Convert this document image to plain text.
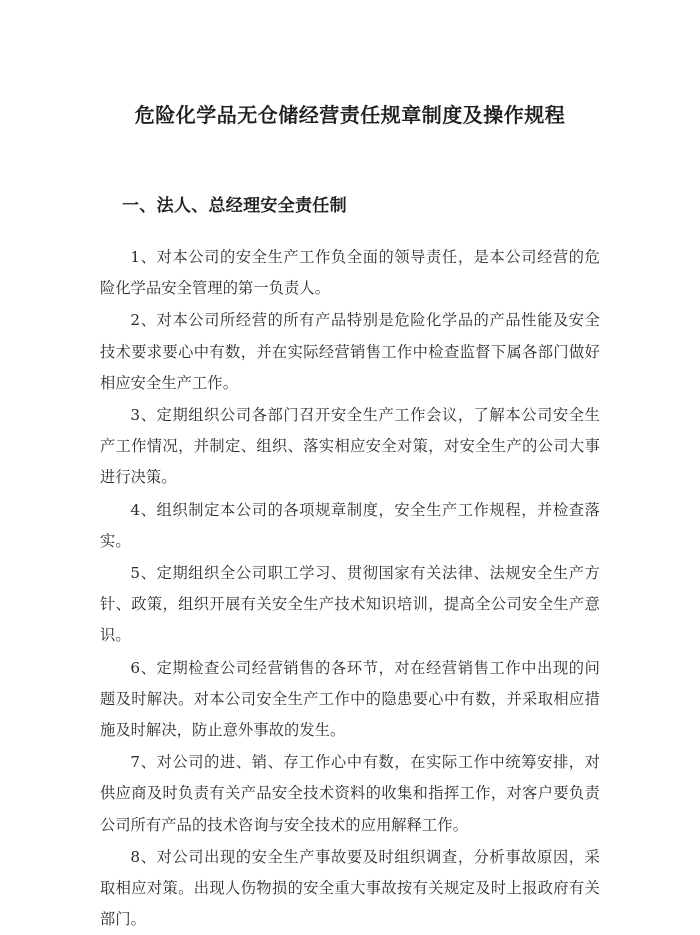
危险化学品无仓储经营责任规章制度及操作规程
一、法人、总经理安全责任制

1、对本公司的安全生产工作负全面的领导责任，是本公司经营的危险化学品安全管理的第一负责人。

2、对本公司所经营的所有产品特别是危险化学品的产品性能及安全技术要求要心中有数，并在实际经营销售工作中检查监督下属各部门做好相应安全生产工作。

3、定期组织公司各部门召开安全生产工作会议，了解本公司安全生产工作情况，并制定、组织、落实相应安全对策，对安全生产的公司大事进行决策。

4、组织制定本公司的各项规章制度，安全生产工作规程，并检查落实。

5、定期组织全公司职工学习、贯彻国家有关法律、法规安全生产方针、政策，组织开展有关安全生产技术知识培训，提高全公司安全生产意识。

6、定期检查公司经营销售的各环节，对在经营销售工作中出现的问题及时解决。对本公司安全生产工作中的隐患要心中有数，并采取相应措施及时解决，防止意外事故的发生。

7、对公司的进、销、存工作心中有数，在实际工作中统筹安排，对供应商及时负责有关产品安全技术资料的收集和指挥工作，对客户要负责公司所有产品的技术咨询与安全技术的应用解释工作。

8、对公司出现的安全生产事故要及时组织调查，分析事故原因，采取相应对策。出现人伤物损的安全重大事故按有关规定及时上报政府有关部门。
